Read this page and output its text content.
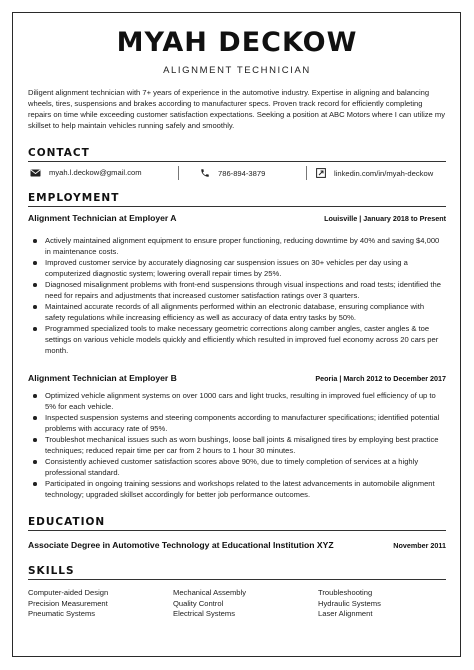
MYAH DECKOW
ALIGNMENT TECHNICIAN
Diligent alignment technician with 7+ years of experience in the automotive industry. Expertise in aligning and balancing wheels, tires, suspensions and brakes according to manufacturer specs. Proven track record for efficiently completing repairs on time while exceeding customer satisfaction expectations. Seeking a position at ABC Motors where I can utilize my skillset to help maintain vehicles running safely and smoothly.
CONTACT
myah.l.deckow@gmail.com	786-894-3879	linkedin.com/in/myah-deckow
EMPLOYMENT
Alignment Technician at Employer A	Louisville | January 2018 to Present
Actively maintained alignment equipment to ensure proper functioning, reducing downtime by 40% and saving $4,000 in maintenance costs.
Improved customer service by accurately diagnosing car suspension issues on 30+ vehicles per day using a computerized diagnostic system; lowering overall repair times by 25%.
Diagnosed misalignment problems with front-end suspensions through visual inspections and road tests; identified the need for repairs and adjustments that increased customer satisfaction ratings over 3 quarters.
Maintained accurate records of all alignments performed within an electronic database, ensuring compliance with safety regulations while increasing efficiency as well as accuracy of data entry tasks by 50%.
Programmed specialized tools to make necessary geometric corrections along camber angles, caster angles & toe settings on various vehicle models quickly and efficiently which resulted in improved fuel economy across 20 cars per month.
Alignment Technician at Employer B	Peoria | March 2012 to December 2017
Optimized vehicle alignment systems on over 1000 cars and light trucks, resulting in improved fuel efficiency of up to 5% for each vehicle.
Inspected suspension systems and steering components according to manufacturer specifications; identified potential problems with accuracy rate of 95%.
Troubleshot mechanical issues such as worn bushings, loose ball joints & misaligned tires by employing best practice techniques; reduced repair time per car from 2 hours to 1 hour 30 minutes.
Consistently achieved customer satisfaction scores above 90%, due to timely completion of services at a highly professional standard.
Participated in ongoing training sessions and workshops related to the latest advancements in automobile alignment technology; upgraded skillset accordingly for better job performance outcomes.
EDUCATION
Associate Degree in Automotive Technology at Educational Institution XYZ	November 2011
SKILLS
Computer-aided Design	Mechanical Assembly	Troubleshooting
Precision Measurement	Quality Control	Hydraulic Systems
Pneumatic Systems	Electrical Systems	Laser Alignment
